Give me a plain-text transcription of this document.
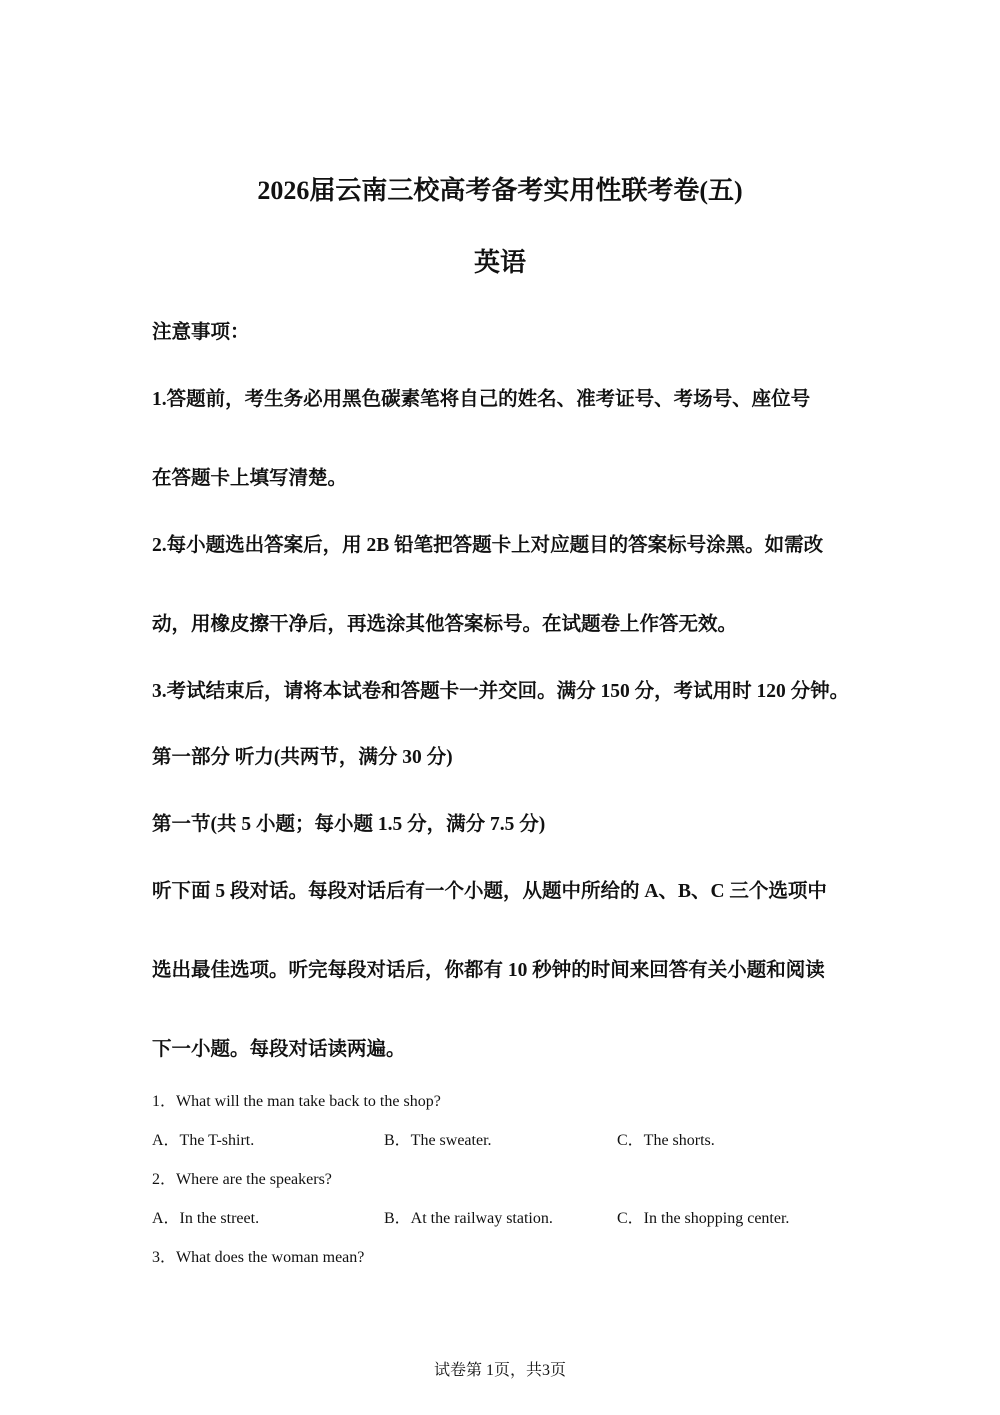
2026届云南三校高考备考实用性联考卷(五)
英语
注意事项：
1.答题前，考生务必用黑色碳素笔将自己的姓名、准考证号、考场号、座位号
在答题卡上填写清楚。
2.每小题选出答案后，用 2B 铅笔把答题卡上对应题目的答案标号涂黑。如需改
动，用橡皮擦干净后，再选涂其他答案标号。在试题卷上作答无效。
3.考试结束后，请将本试卷和答题卡一并交回。满分 150 分，考试用时 120 分钟。
第一部分 听力(共两节，满分 30 分)
第一节(共 5 小题；每小题 1.5 分，满分 7.5 分)
听下面 5 段对话。每段对话后有一个小题，从题中所给的 A、B、C 三个选项中
选出最佳选项。听完每段对话后，你都有 10 秒钟的时间来回答有关小题和阅读
下一小题。每段对话读两遍。
1．What will the man take back to the shop?
A．The T-shirt.	B．The sweater.	C．The shorts.
2．Where are the speakers?
A．In the street.	B．At the railway station.	C．In the shopping center.
3．What does the woman mean?
试卷第 1页，共3页
